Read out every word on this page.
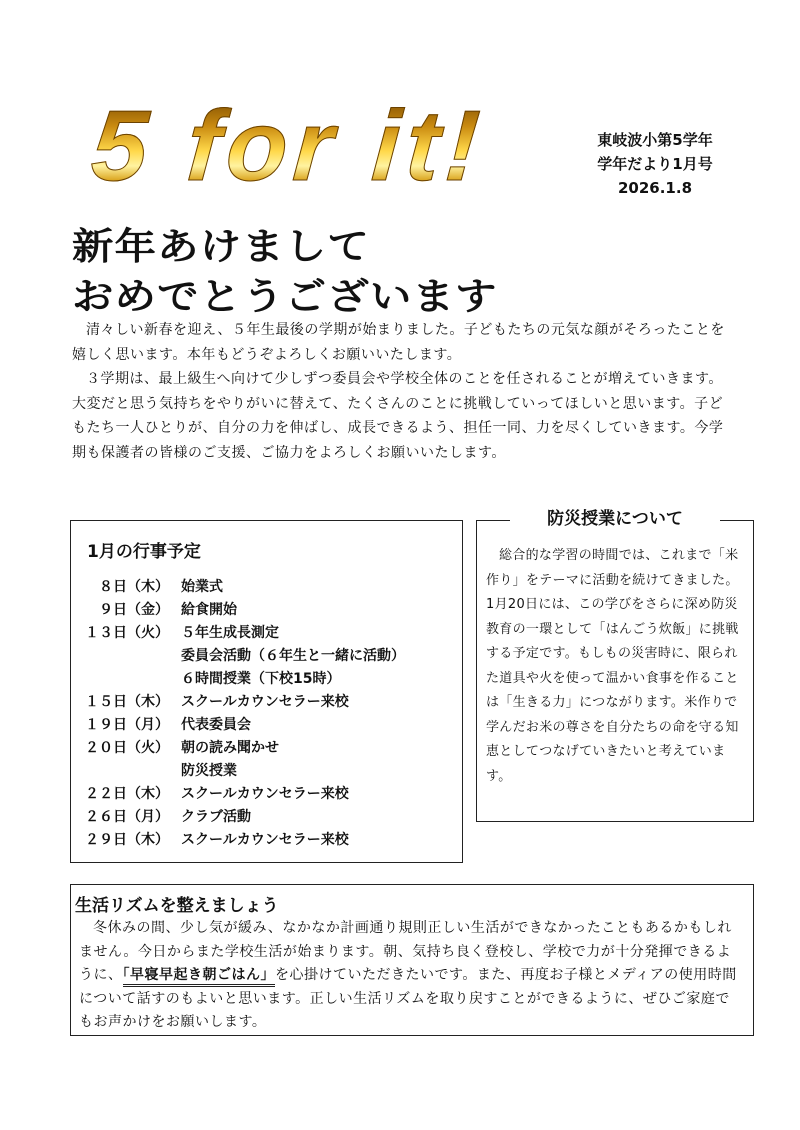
5 for it!	東岐波小第5学年
学年だより1月号
2026.1.8
新年あけまして
おめでとうございます

清々しい新春を迎え、５年生最後の学期が始まりました。子どもたちの元気な顔がそろったことを嬉しく思います。本年もどうぞよろしくお願いいたします。

３学期は、最上級生へ向けて少しずつ委員会や学校全体のことを任されることが増えていきます。大変だと思う気持ちをやりがいに替えて、たくさんのことに挑戦していってほしいと思います。子どもたち一人ひとりが、自分の力を伸ばし、成長できるよう、担任一同、力を尽くしていきます。今学期も保護者の皆様のご支援、ご協力をよろしくお願いいたします。

1月の行事予定
　８日（木） 始業式
　９日（金） 給食開始
１３日（火） ５年生成長測定
委員会活動（６年生と一緒に活動）
６時間授業（下校15時）
１５日（木） スクールカウンセラー来校
１９日（月） 代表委員会
２０日（火） 朝の読み聞かせ
防災授業
２２日（木） スクールカウンセラー来校
２６日（月） クラブ活動
２９日（木） スクールカウンセラー来校
防災授業について

総合的な学習の時間では、これまで「米作り」をテーマに活動を続けてきました。1月20日には、この学びをさらに深め防災教育の一環として「はんごう炊飯」に挑戦する予定です。もしもの災害時に、限られた道具や火を使って温かい食事を作ることは「生きる力」につながります。米作りで学んだお米の尊さを自分たちの命を守る知恵としてつなげていきたいと考えています。

生活リズムを整えましょう

冬休みの間、少し気が緩み、なかなか計画通り規則正しい生活ができなかったこともあるかもしれません。今日からまた学校生活が始まります。朝、気持ち良く登校し、学校で力が十分発揮できるように、「早寝早起き朝ごはん」を心掛けていただきたいです。また、再度お子様とメディアの使用時間について話すのもよいと思います。正しい生活リズムを取り戻すことができるように、ぜひご家庭でもお声かけをお願いします。
